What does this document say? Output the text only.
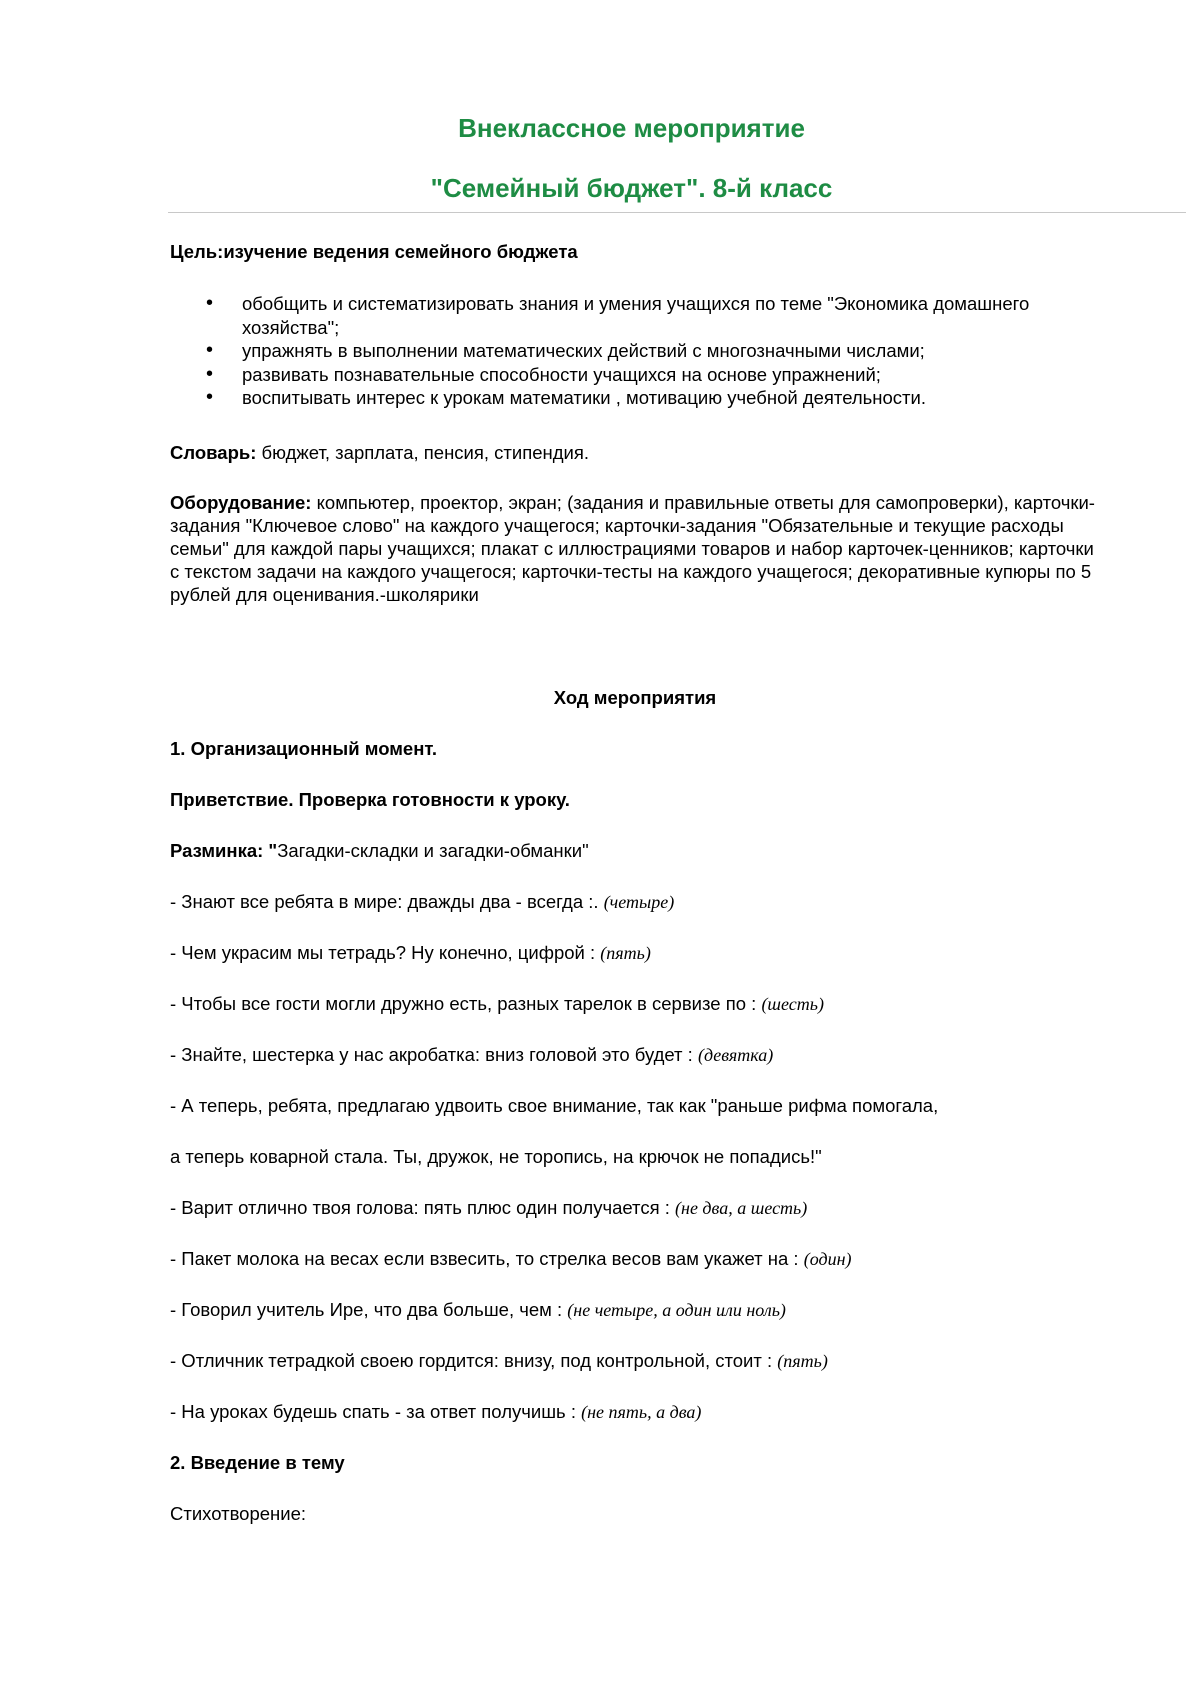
Внеклассное мероприятие
"Семейный бюджет". 8-й класс

Цель:изучение ведения семейного бюджета

• обобщить и систематизировать знания и умения учащихся по теме "Экономика домашнего хозяйства";
• упражнять в выполнении математических действий с многозначными числами;
• развивать познавательные способности учащихся на основе упражнений;
• воспитывать интерес к урокам математики , мотивацию учебной деятельности.

Словарь: бюджет, зарплата, пенсия, стипендия.

Оборудование: компьютер, проектор, экран; (задания и правильные ответы для самопроверки), карточки-задания "Ключевое слово" на каждого учащегося; карточки-задания "Обязательные и текущие расходы семьи" для каждой пары учащихся; плакат с иллюстрациями товаров и набор карточек-ценников; карточки с текстом задачи на каждого учащегося; карточки-тесты на каждого учащегося; декоративные купюры по 5 рублей для оценивания.-школярики

Ход мероприятия

1. Организационный момент.

Приветствие. Проверка готовности к уроку.

Разминка: "Загадки-складки и загадки-обманки"

- Знают все ребята в мире: дважды два - всегда :. (четыре)

- Чем украсим мы тетрадь? Ну конечно, цифрой : (пять)

- Чтобы все гости могли дружно есть, разных тарелок в сервизе по : (шесть)

- Знайте, шестерка у нас акробатка: вниз головой это будет : (девятка)

- А теперь, ребята, предлагаю удвоить свое внимание, так как "раньше рифма помогала,

а теперь коварной стала. Ты, дружок, не торопись, на крючок не попадись!"

- Варит отлично твоя голова: пять плюс один получается : (не два, а шесть)

- Пакет молока на весах если взвесить, то стрелка весов вам укажет на : (один)

- Говорил учитель Ире, что два больше, чем : (не четыре, а один или ноль)

- Отличник тетрадкой своею гордится: внизу, под контрольной, стоит : (пять)

- На уроках будешь спать - за ответ получишь : (не пять, а два)

2. Введение в тему

Стихотворение:
